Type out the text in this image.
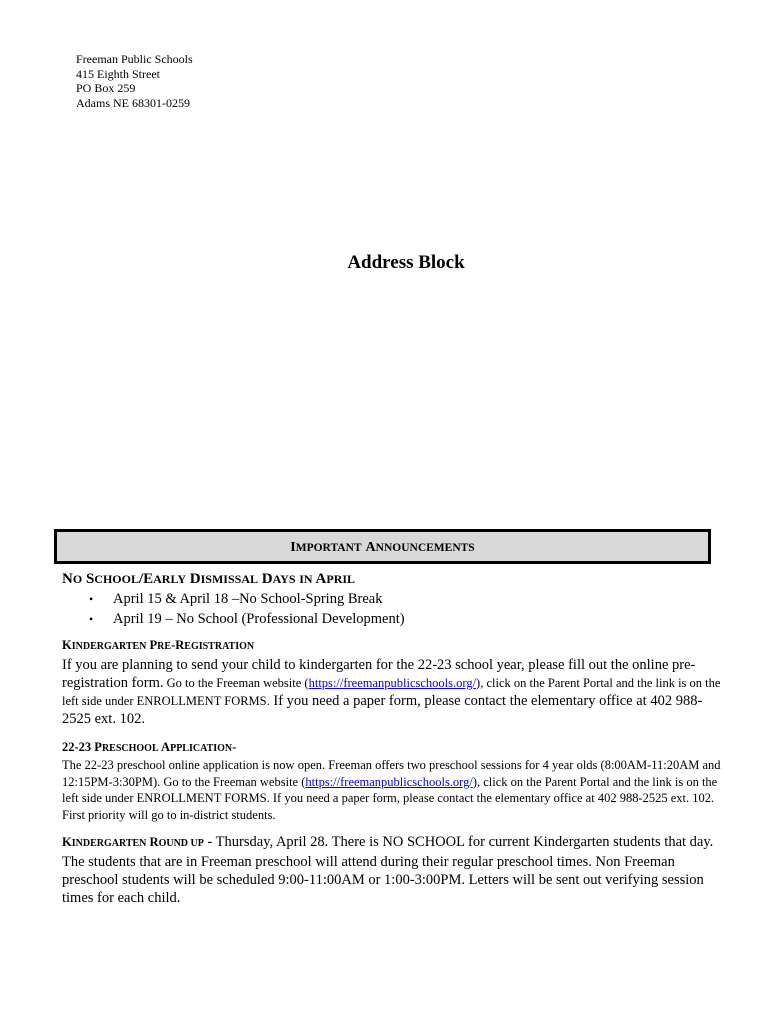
Freeman Public Schools
415 Eighth Street
PO Box 259
Adams NE 68301-0259
Address Block
IMPORTANT ANNOUNCEMENTS
NO SCHOOL/EARLY DISMISSAL DAYS IN APRIL
• April 15 & April 18 –No School-Spring Break
• April 19 – No School (Professional Development)
KINDERGARTEN PRE-REGISTRATION
If you are planning to send your child to kindergarten for the 22-23 school year, please fill out the online pre-registration form. Go to the Freeman website (https://freemanpublicschools.org/), click on the Parent Portal and the link is on the left side under ENROLLMENT FORMS. If you need a paper form, please contact the elementary office at 402 988-2525 ext. 102.
22-23 PRESCHOOL APPLICATION-
The 22-23 preschool online application is now open. Freeman offers two preschool sessions for 4 year olds (8:00AM-11:20AM and 12:15PM-3:30PM). Go to the Freeman website (https://freemanpublicschools.org/), click on the Parent Portal and the link is on the left side under ENROLLMENT FORMS. If you need a paper form, please contact the elementary office at 402 988-2525 ext. 102. First priority will go to in-district students.
KINDERGARTEN ROUND UP - Thursday, April 28. There is NO SCHOOL for current Kindergarten students that day. The students that are in Freeman preschool will attend during their regular preschool times. Non Freeman preschool students will be scheduled 9:00-11:00AM or 1:00-3:00PM. Letters will be sent out verifying session times for each child.
